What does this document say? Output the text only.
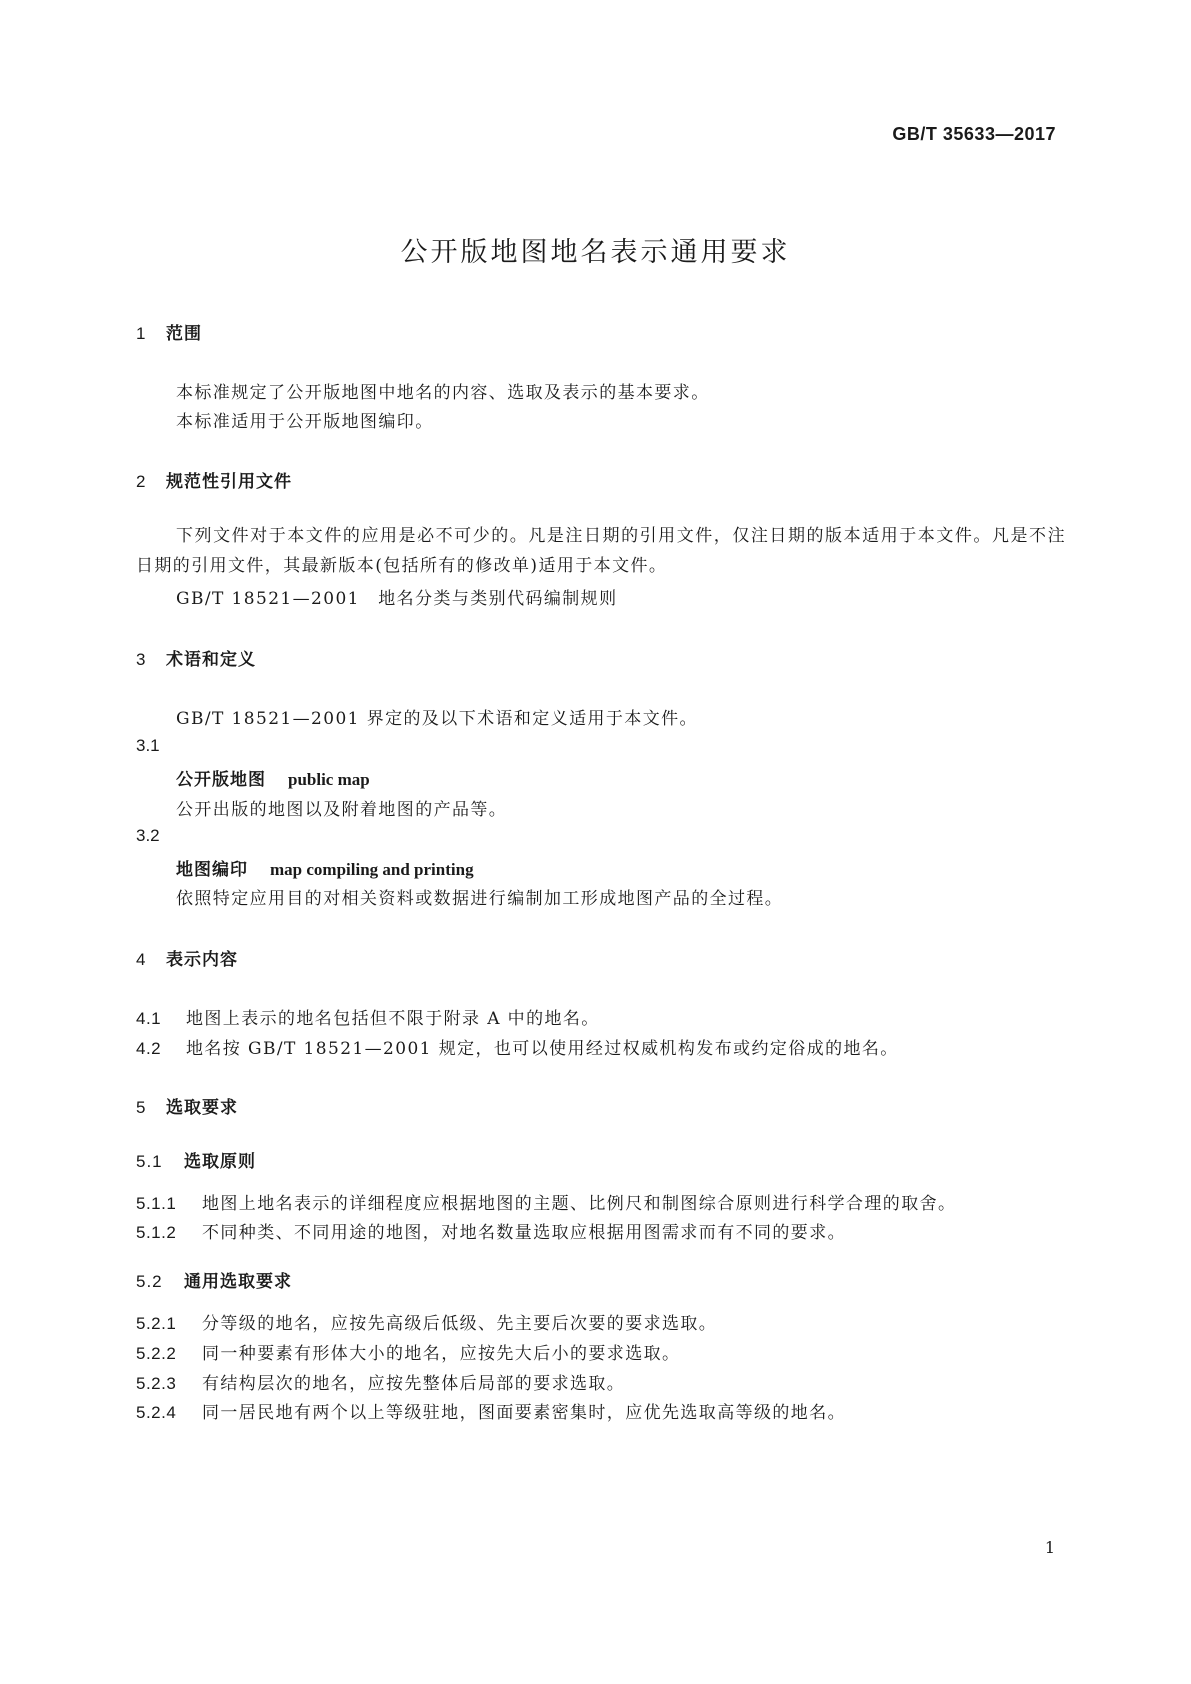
GB/T 35633—2017
公开版地图地名表示通用要求
1 范围
本标准规定了公开版地图中地名的内容、选取及表示的基本要求。
本标准适用于公开版地图编印。
2 规范性引用文件
下列文件对于本文件的应用是必不可少的。凡是注日期的引用文件，仅注日期的版本适用于本文件。凡是不注日期的引用文件，其最新版本(包括所有的修改单)适用于本文件。
GB/T 18521—2001　地名分类与类别代码编制规则
3 术语和定义
GB/T 18521—2001 界定的及以下术语和定义适用于本文件。
3.1
公开版地图 public map
公开出版的地图以及附着地图的产品等。
3.2
地图编印 map compiling and printing
依照特定应用目的对相关资料或数据进行编制加工形成地图产品的全过程。
4 表示内容
4.1 地图上表示的地名包括但不限于附录 A 中的地名。
4.2 地名按 GB/T 18521—2001 规定，也可以使用经过权威机构发布或约定俗成的地名。
5 选取要求
5.1 选取原则
5.1.1 地图上地名表示的详细程度应根据地图的主题、比例尺和制图综合原则进行科学合理的取舍。
5.1.2 不同种类、不同用途的地图，对地名数量选取应根据用图需求而有不同的要求。
5.2 通用选取要求
5.2.1 分等级的地名，应按先高级后低级、先主要后次要的要求选取。
5.2.2 同一种要素有形体大小的地名，应按先大后小的要求选取。
5.2.3 有结构层次的地名，应按先整体后局部的要求选取。
5.2.4 同一居民地有两个以上等级驻地，图面要素密集时，应优先选取高等级的地名。
1
